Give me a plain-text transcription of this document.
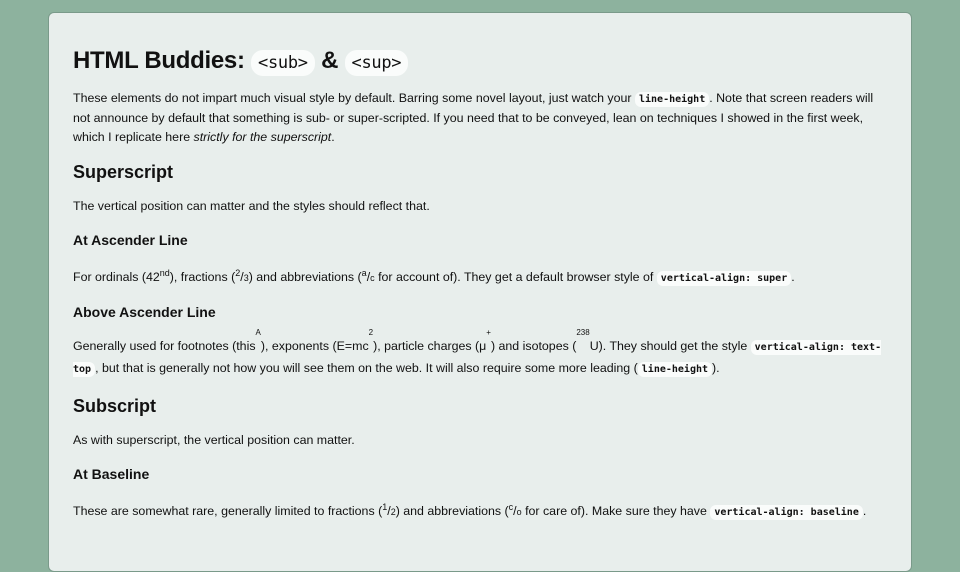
HTML Buddies: <sub> & <sup>

These elements do not impart much visual style by default. Barring some novel layout, just watch your line-height . Note that screen readers will not announce by default that something is sub- or super-scripted. If you need that to be conveyed, lean on techniques I showed in the first week, which I replicate here strictly for the superscript.

Superscript

The vertical position can matter and the styles should reflect that.

At Ascender Line

For ordinals (42nd), fractions ($^2$/3) and abbreviations ($^a$/c for account of). They get a default browser style of vertical-align: super .

Above Ascender Line

Generally used for footnotes (this$^A$), exponents $(E=mc^2)$, particle charges (μ+) and isotopes ($^{238}$U). They should get the style vertical-align: text-top , but that is generally not how you will see them on the web. It will also require some more leading ( line-height ).

Subscript

As with superscript, the vertical position can matter.

At Baseline

These are somewhat rare, generally limited to fractions ($^1$/2) and abbreviations ($^c$/o for care of). Make sure they have vertical-align: baseline .
